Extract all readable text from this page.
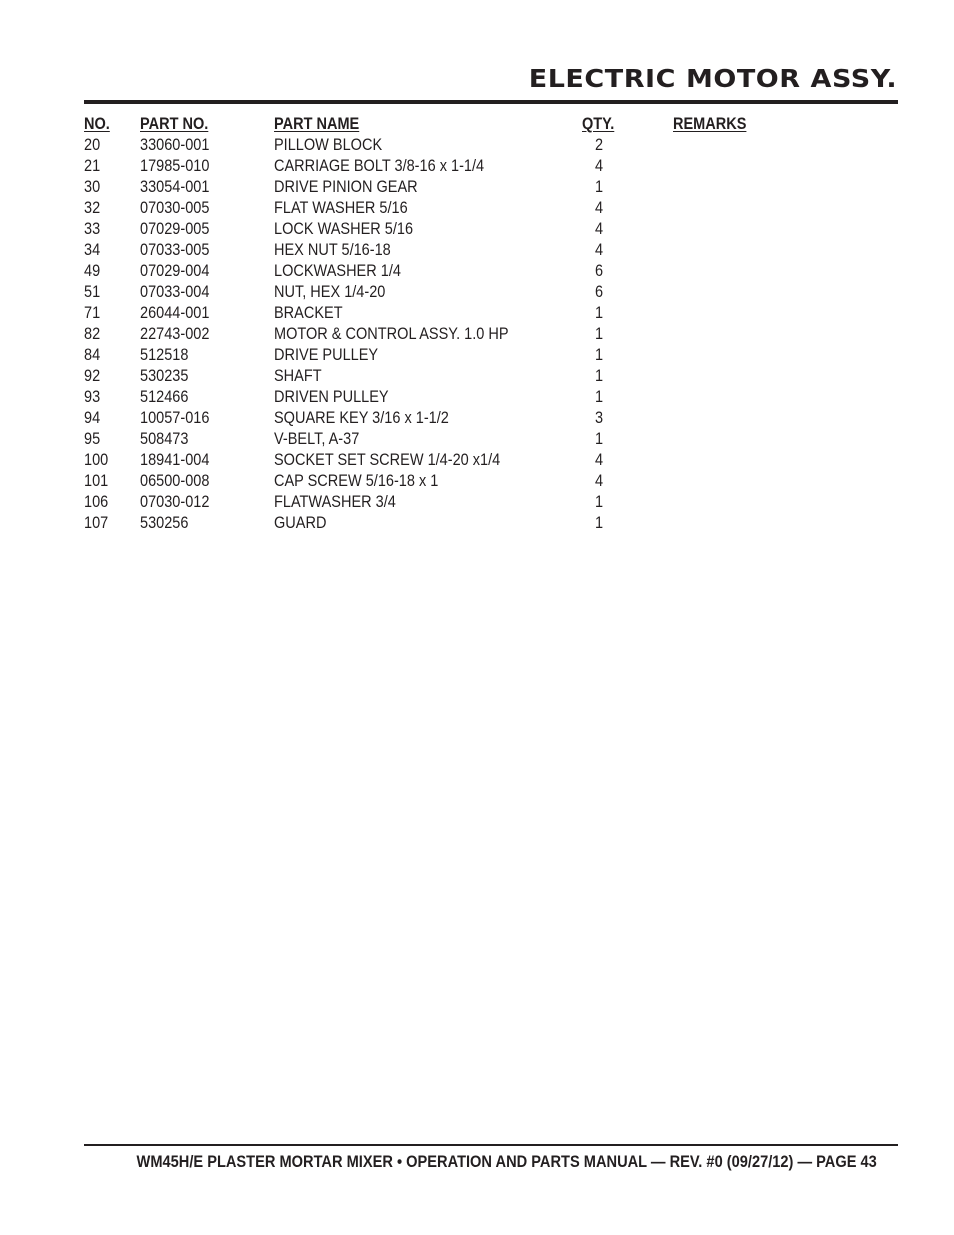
ELECTRIC MOTOR ASSY.
NO. PART NO.	PART NAME	QTY.	REMARKS
20 33060-001	PILLOW BLOCK	2
21 17985-010	CARRIAGE BOLT 3/8-16 x 1-1/4	4
30 33054-001	DRIVE PINION GEAR	1
32 07030-005	FLAT WASHER 5/16	4
33 07029-005	LOCK WASHER 5/16	4
34 07033-005	HEX NUT 5/16-18	4
49 07029-004	LOCKWASHER 1/4	6
51 07033-004	NUT, HEX 1/4-20	6
71 26044-001	BRACKET	1
82 22743-002	MOTOR & CONTROL ASSY. 1.0 HP	1
84 512518	DRIVE PULLEY	1
92 530235	SHAFT	1
93 512466	DRIVEN PULLEY	1
94 10057-016	SQUARE KEY 3/16 x 1-1/2	3
95 508473	V-BELT, A-37	1
100 18941-004	SOCKET SET SCREW 1/4-20 x1/4	4
101 06500-008	CAP SCREW 5/16-18 x 1	4
106 07030-012	FLATWASHER 3/4	1
107 530256	GUARD	1
WM45H/E PLASTER MORTAR MIXER • OPERATION AND PARTS MANUAL — REV. #0 (09/27/12) — PAGE 43
